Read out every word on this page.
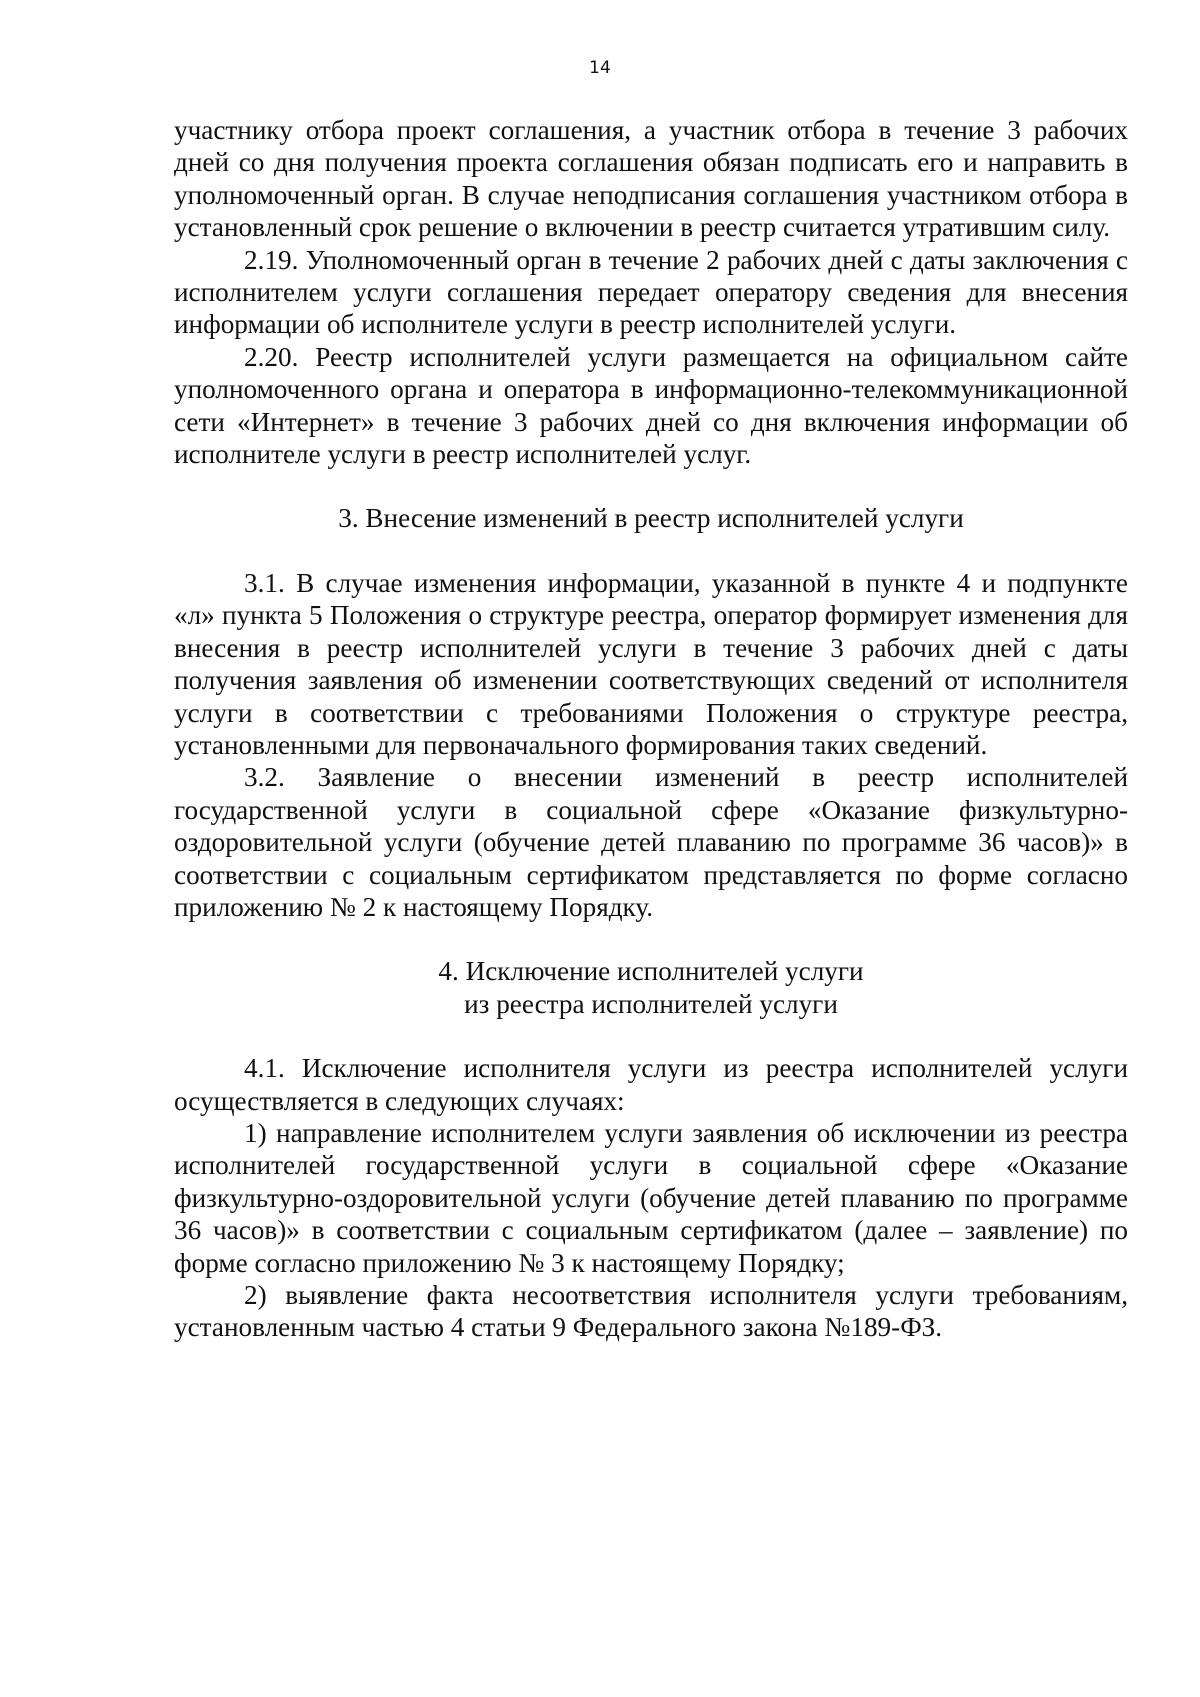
14

участнику отбора проект соглашения, а участник отбора в течение 3 рабочих дней со дня получения проекта соглашения обязан подписать его и направить в уполномоченный орган. В случае неподписания соглашения участником отбора в установленный срок решение о включении в реестр считается утратившим силу.

2.19. Уполномоченный орган в течение 2 рабочих дней с даты заключения с исполнителем услуги соглашения передает оператору сведения для внесения информации об исполнителе услуги в реестр исполнителей услуги.

2.20. Реестр исполнителей услуги размещается на официальном сайте уполномоченного органа и оператора в информационно-телекоммуникационной сети «Интернет» в течение 3 рабочих дней со дня включения информации об исполнителе услуги в реестр исполнителей услуг.

3. Внесение изменений в реестр исполнителей услуги

3.1. В случае изменения информации, указанной в пункте 4 и подпункте «л» пункта 5 Положения о структуре реестра, оператор формирует изменения для внесения в реестр исполнителей услуги в течение 3 рабочих дней с даты получения заявления об изменении соответствующих сведений от исполнителя услуги в соответствии с требованиями Положения о структуре реестра, установленными для первоначального формирования таких сведений.

3.2. Заявление о внесении изменений в реестр исполнителей государственной услуги в социальной сфере «Оказание физкультурно-оздоровительной услуги (обучение детей плаванию по программе 36 часов)» в соответствии с социальным сертификатом представляется по форме согласно приложению № 2 к настоящему Порядку.

4. Исключение исполнителей услуги
из реестра исполнителей услуги

4.1. Исключение исполнителя услуги из реестра исполнителей услуги осуществляется в следующих случаях:

1) направление исполнителем услуги заявления об исключении из реестра исполнителей государственной услуги в социальной сфере «Оказание физкультурно-оздоровительной услуги (обучение детей плаванию по программе 36 часов)» в соответствии с социальным сертификатом (далее – заявление) по форме согласно приложению № 3 к настоящему Порядку;

2) выявление факта несоответствия исполнителя услуги требованиям, установленным частью 4 статьи 9 Федерального закона №189-ФЗ.
